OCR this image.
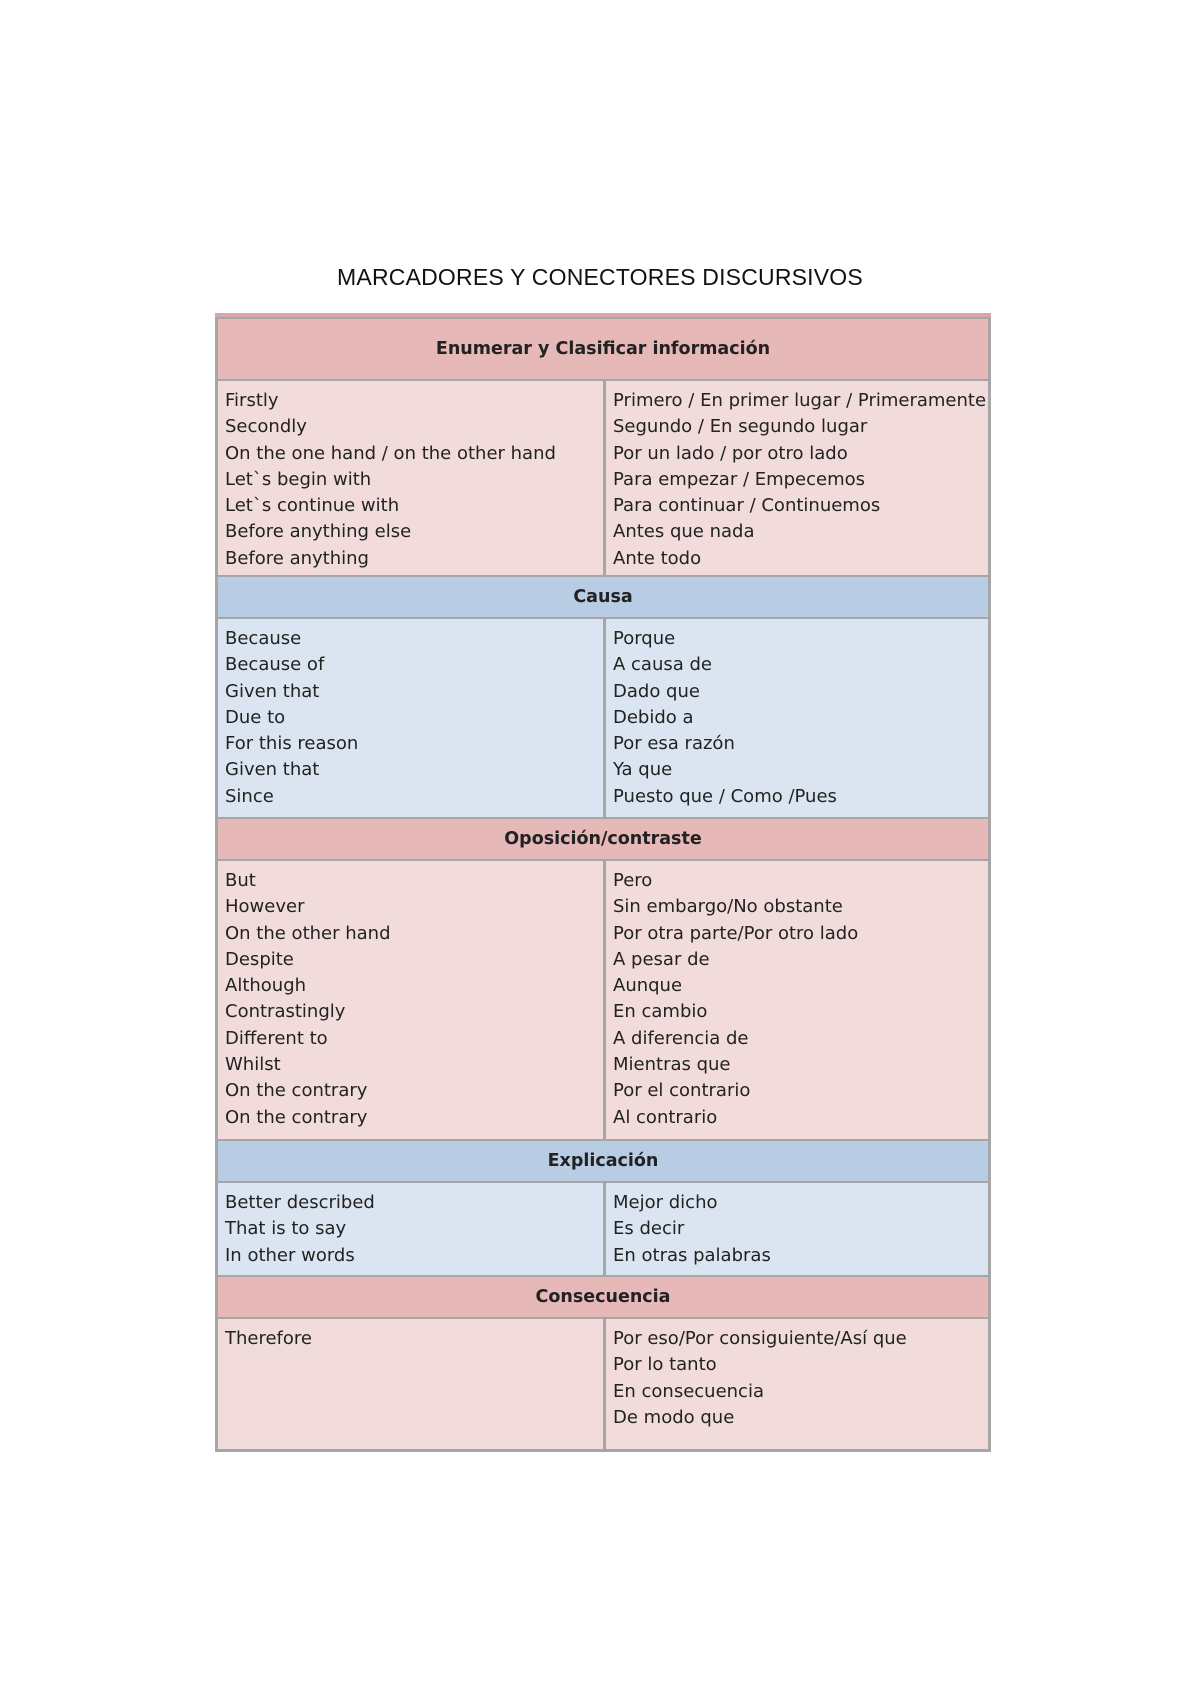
MARCADORES Y CONECTORES DISCURSIVOS
Enumerar y Clasificar información
Firstly
Secondly
On the one hand / on the other hand
Let`s begin with
Let`s continue with
Before anything else
Before anything
Primero / En primer lugar / Primeramente
Segundo / En segundo lugar
Por un lado / por otro lado
Para empezar / Empecemos
Para continuar / Continuemos
Antes que nada
Ante todo
Causa
Because
Because of
Given that
Due to
For this reason
Given that
Since
Porque
A causa de
Dado que
Debido a
Por esa razón
Ya que
Puesto que / Como /Pues
Oposición/contraste
But
However
On the other hand
Despite
Although
Contrastingly
Different to
Whilst
On the contrary
On the contrary
Pero
Sin embargo/No obstante
Por otra parte/Por otro lado
A pesar de
Aunque
En cambio
A diferencia de
Mientras que
Por el contrario
Al contrario
Explicación
Better described
That is to say
In other words
Mejor dicho
Es decir
En otras palabras
Consecuencia
Therefore	Por eso/Por consiguiente/Así que
Por lo tanto
En consecuencia
De modo que
